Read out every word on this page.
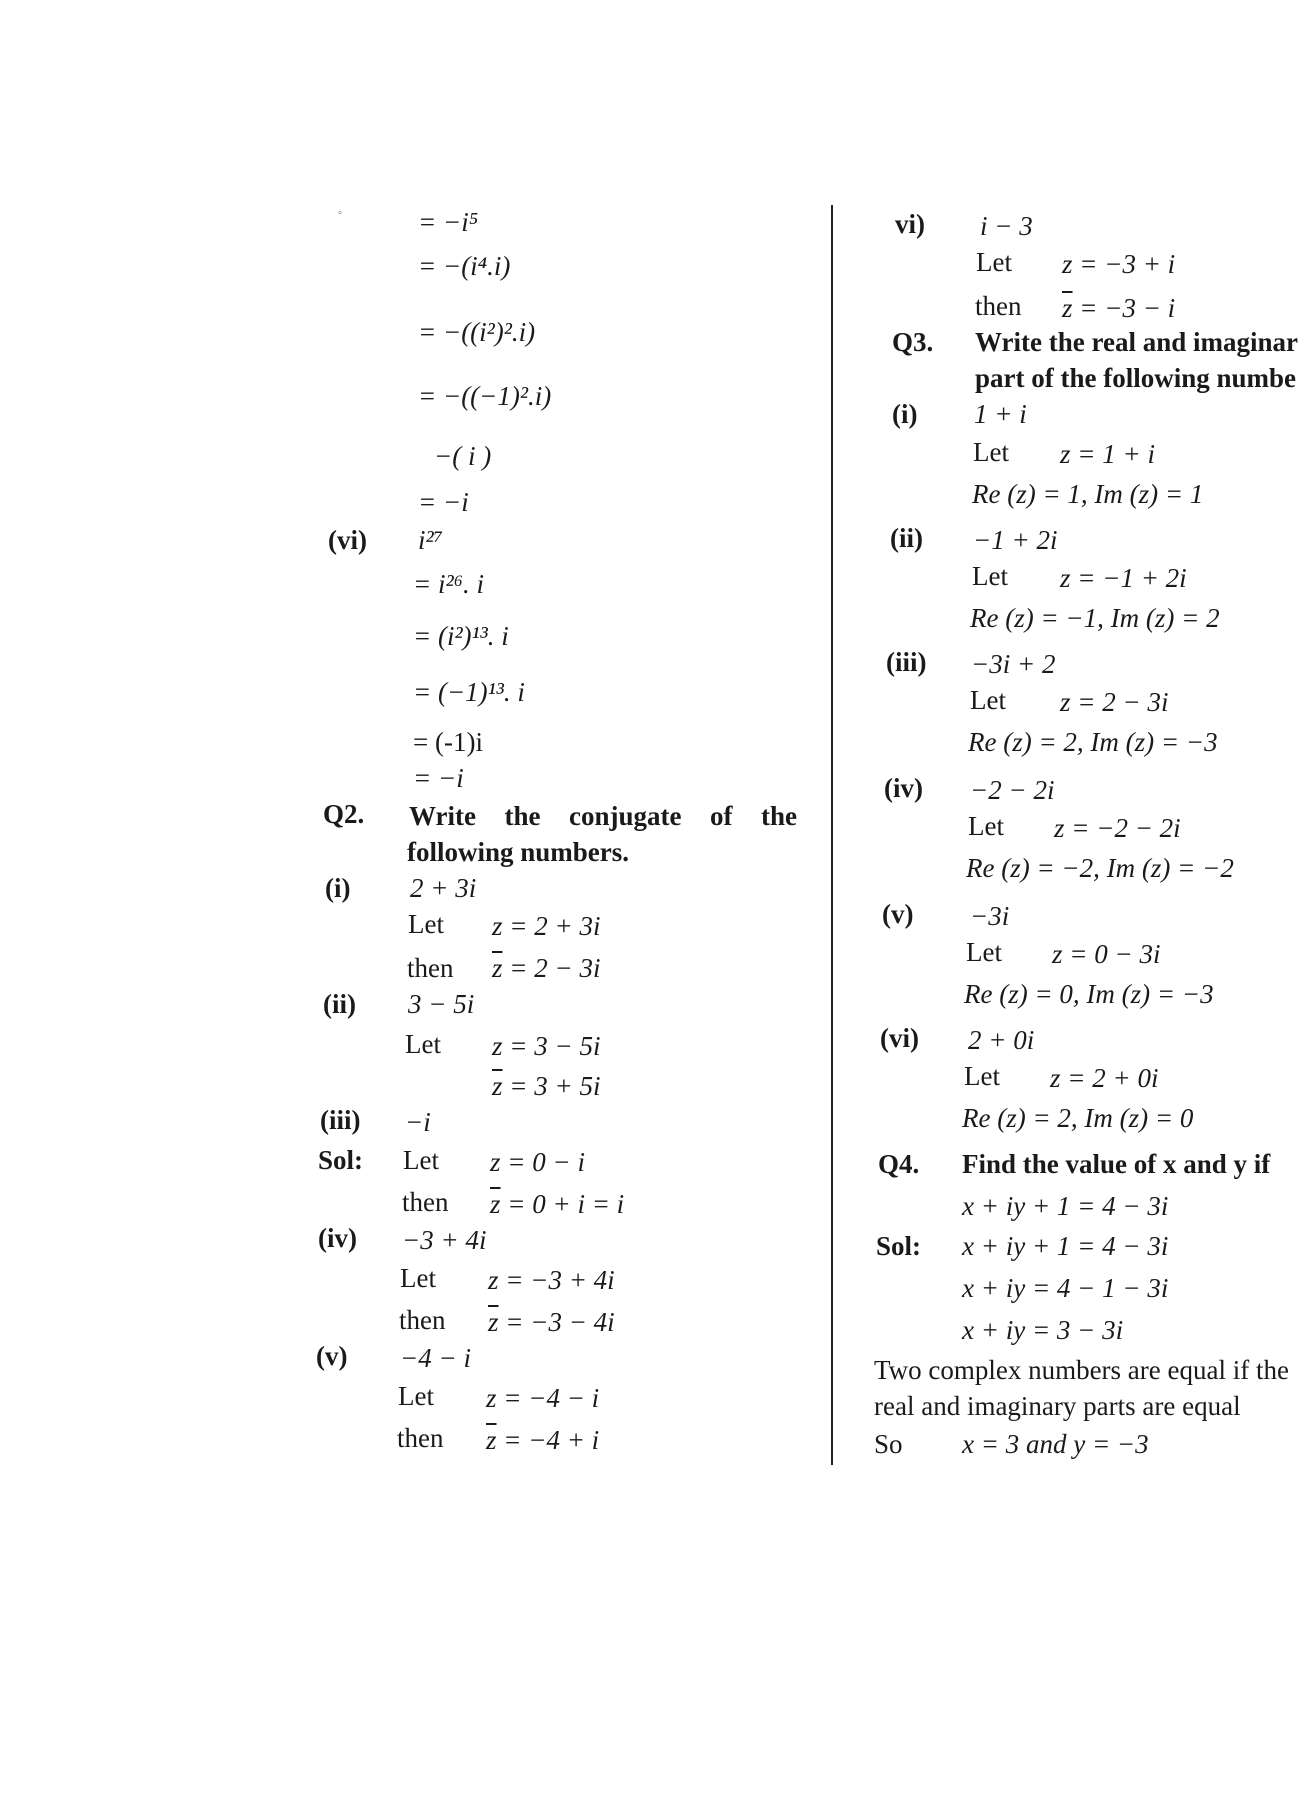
°	= −i⁵
= −(i⁴.i)
= −((i²)².i)
= −((−1)².i)
−( i )
= −i
(vi) i²⁷
= i²⁶. i
= (i²)¹³. i
= (−1)¹³. i
= (-1)i
= −i
Q2. Write the conjugate of the
following numbers.
(i) 2 + 3i
Let z = 2 + 3i
then $\overline{z} = 2 - 3i$
(ii) 3 − 5i
Let z = 3 − 5i
$\overline{z} = 3 + 5i$
(iii) −i
Sol: Let z = 0 − i
then $\overline{z} = 0 + i = i$
(iv) −3 + 4i
Let z = −3 + 4i
then $\overline{z} = -3 - 4i$
(v) −4 − i
Let z = −4 − i
then $\overline{z} = -4 + i$
vi) i − 3
Let z = −3 + i
then $\overline{z} = -3 - i$
Q3. Write the real and imaginar
part of the following numbe
(i) 1 + i
Let z = 1 + i
Re (z) = 1, Im (z) = 1
(ii) −1 + 2i
Let z = −1 + 2i
Re (z) = −1, Im (z) = 2
(iii) −3i + 2
Let z = 2 − 3i
Re (z) = 2, Im (z) = −3
(iv) −2 − 2i
Let z = −2 − 2i
Re (z) = −2, Im (z) = −2
(v) −3i
Let z = 0 − 3i
Re (z) = 0, Im (z) = −3
(vi) 2 + 0i
Let z = 2 + 0i
Re (z) = 2, Im (z) = 0
Q4. Find the value of x and y if
x + iy + 1 = 4 − 3i
Sol: x + iy + 1 = 4 − 3i
x + iy = 4 − 1 − 3i
x + iy = 3 − 3i
Two complex numbers are equal if the
real and imaginary parts are equal
So x = 3 and y = −3
